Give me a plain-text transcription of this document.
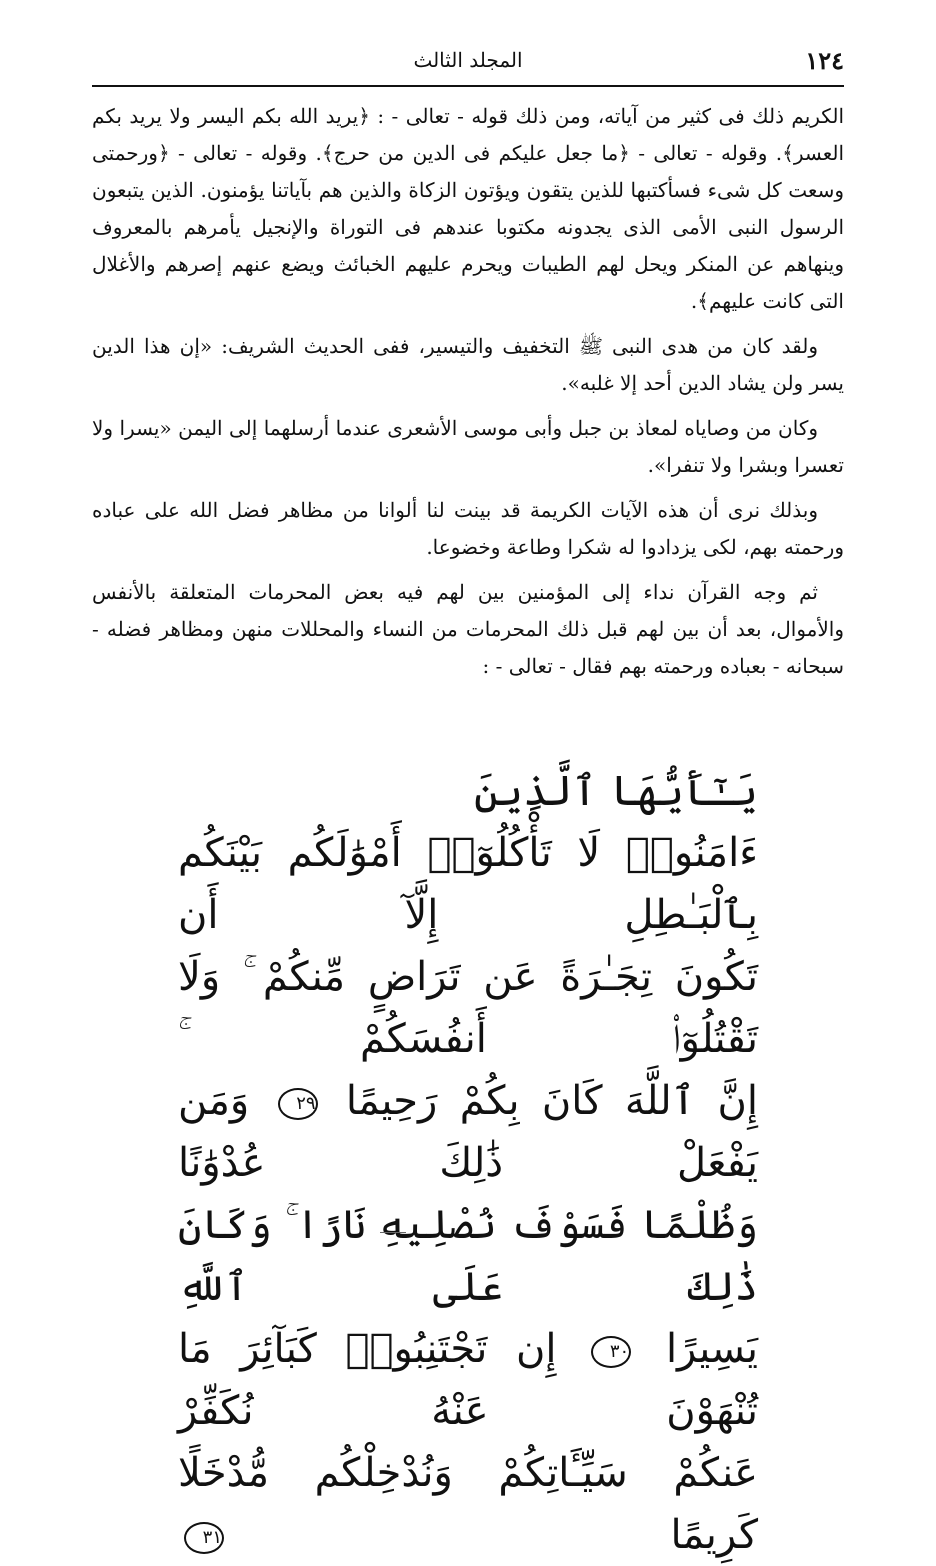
١٢٤
المجلد الثالث

الكريم ذلك فى كثير من آياته، ومن ذلك قوله - تعالى - : ﴿يريد الله بكم اليسر ولا يريد بكم العسر﴾. وقوله - تعالى - ﴿ما جعل عليكم فى الدين من حرج﴾. وقوله - تعالى - ﴿ورحمتى وسعت كل شىء فسأكتبها للذين يتقون ويؤتون الزكاة والذين هم بآياتنا يؤمنون. الذين يتبعون الرسول النبى الأمى الذى يجدونه مكتوبا عندهم فى التوراة والإنجيل يأمرهم بالمعروف وينهاهم عن المنكر ويحل لهم الطيبات ويحرم عليهم الخبائث ويضع عنهم إصرهم والأغلال التى كانت عليهم﴾.

ولقد كان من هدى النبى ﷺ التخفيف والتيسير، ففى الحديث الشريف: «إن هذا الدين يسر ولن يشاد الدين أحد إلا غلبه».

وكان من وصاياه لمعاذ بن جبل وأبى موسى الأشعرى عندما أرسلهما إلى اليمن «يسرا ولا تعسرا وبشرا ولا تنفرا».

وبذلك نرى أن هذه الآيات الكريمة قد بينت لنا ألوانا من مظاهر فضل الله على عباده ورحمته بهم، لكى يزدادوا له شكرا وطاعة وخضوعا.

ثم وجه القرآن نداء إلى المؤمنين بين لهم فيه بعض المحرمات المتعلقة بالأنفس والأموال، بعد أن بين لهم قبل ذلك المحرمات من النساء والمحللات منهن ومظاهر فضله - سبحانه - بعباده ورحمته بهم فقال - تعالى - :

يَـٰٓأَيُّهَا ٱلَّذِينَ

ءَامَنُوا۟ لَا تَأْكُلُوٓا۟ أَمْوَٰلَكُم بَيْنَكُم بِٱلْبَـٰطِلِ إِلَّآ أَن

تَكُونَ تِجَـٰرَةً عَن تَرَاضٍ مِّنكُمْ ۚ وَلَا تَقْتُلُوٓا۟ أَنفُسَكُمْ ۚ

إِنَّ ٱللَّهَ كَانَ بِكُمْ رَحِيمًا ٢٩ وَمَن يَفْعَلْ ذَٰلِكَ عُدْوَٰنًا

وَظُلْمًا فَسَوْفَ نُصْلِيهِ نَارًا ۚ وَكَانَ ذَٰلِكَ عَلَى ٱللَّهِ

يَسِيرًا ٣٠ إِن تَجْتَنِبُوا۟ كَبَآئِرَ مَا تُنْهَوْنَ عَنْهُ نُكَفِّرْ

عَنكُمْ سَيِّـَٔاتِكُمْ وَنُدْخِلْكُم مُّدْخَلًا كَرِيمًا ٣١
